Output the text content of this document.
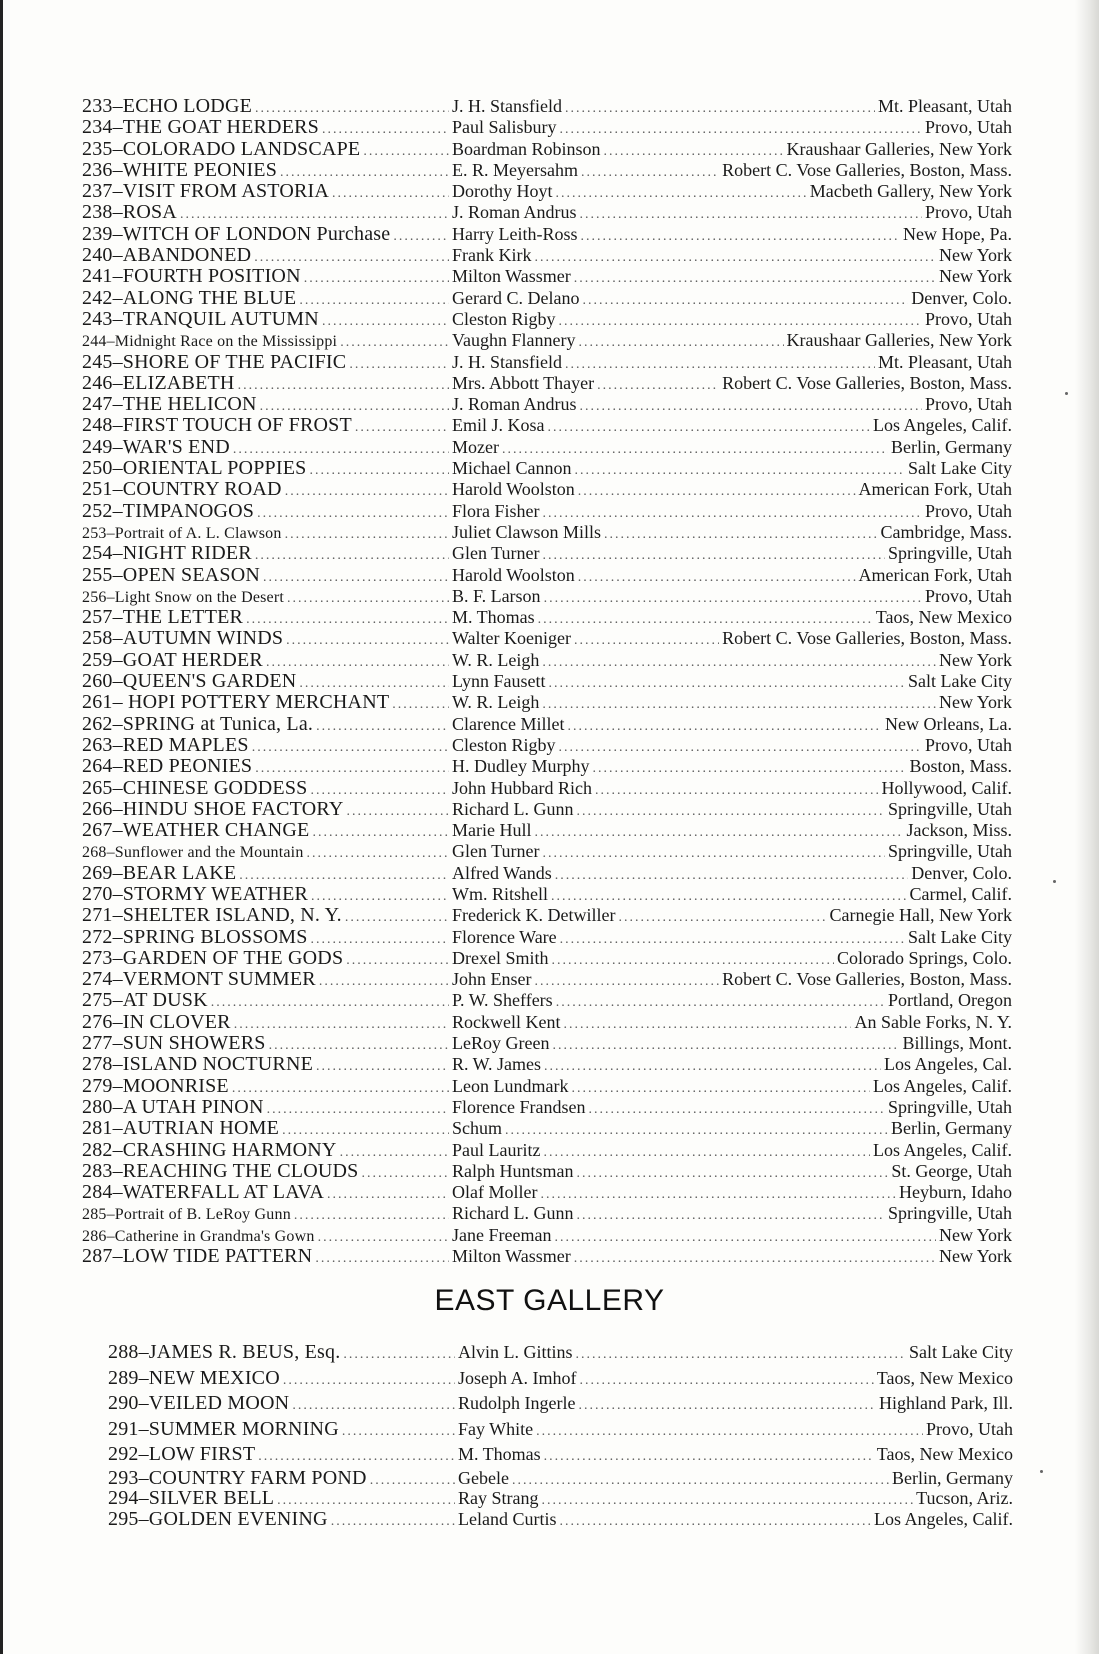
233–ECHO LODGE .....	J. H. Stansfield .....	Mt. Pleasant, Utah
234–THE GOAT HERDERS .....	Paul Salisbury .....	Provo, Utah
235–COLORADO LANDSCAPE .....	Boardman Robinson .....	Kraushaar Galleries, New York
236–WHITE PEONIES .....	E. R. Meyersahm .....	Robert C. Vose Galleries, Boston, Mass.
237–VISIT FROM ASTORIA .....	Dorothy Hoyt .....	Macbeth Gallery, New York
238–ROSA .....	J. Roman Andrus .....	Provo, Utah
239–WITCH OF LONDON Purchase .....	Harry Leith-Ross .....	New Hope, Pa.
240–ABANDONED .....	Frank Kirk .....	New York
241–FOURTH POSITION .....	Milton Wassmer .....	New York
242–ALONG THE BLUE .....	Gerard C. Delano .....	Denver, Colo.
243–TRANQUIL AUTUMN .....	Cleston Rigby .....	Provo, Utah
244–Midnight Race on the Mississippi .....	Vaughn Flannery .....	Kraushaar Galleries, New York
245–SHORE OF THE PACIFIC .....	J. H. Stansfield .....	Mt. Pleasant, Utah
246–ELIZABETH .....	Mrs. Abbott Thayer .....	Robert C. Vose Galleries, Boston, Mass.
247–THE HELICON .....	J. Roman Andrus .....	Provo, Utah
248–FIRST TOUCH OF FROST .....	Emil J. Kosa .....	Los Angeles, Calif.
249–WAR'S END .....	Mozer .....	Berlin, Germany
250–ORIENTAL POPPIES .....	Michael Cannon .....	Salt Lake City
251–COUNTRY ROAD .....	Harold Woolston .....	American Fork, Utah
252–TIMPANOGOS .....	Flora Fisher .....	Provo, Utah
253–Portrait of A. L. Clawson .....	Juliet Clawson Mills .....	Cambridge, Mass.
254–NIGHT RIDER .....	Glen Turner .....	Springville, Utah
255–OPEN SEASON .....	Harold Woolston .....	American Fork, Utah
256–Light Snow on the Desert .....	B. F. Larson .....	Provo, Utah
257–THE LETTER .....	M. Thomas .....	Taos, New Mexico
258–AUTUMN WINDS .....	Walter Koeniger .....	Robert C. Vose Galleries, Boston, Mass.
259–GOAT HERDER .....	W. R. Leigh .....	New York
260–QUEEN'S GARDEN .....	Lynn Fausett .....	Salt Lake City
261– HOPI POTTERY MERCHANT .....	W. R. Leigh .....	New York
262–SPRING at Tunica, La. .....	Clarence Millet .....	New Orleans, La.
263–RED MAPLES .....	Cleston Rigby .....	Provo, Utah
264–RED PEONIES .....	H. Dudley Murphy .....	Boston, Mass.
265–CHINESE GODDESS .....	John Hubbard Rich .....	Hollywood, Calif.
266–HINDU SHOE FACTORY .....	Richard L. Gunn .....	Springville, Utah
267–WEATHER CHANGE .....	Marie Hull .....	Jackson, Miss.
268–Sunflower and the Mountain .....	Glen Turner .....	Springville, Utah
269–BEAR LAKE .....	Alfred Wands .....	Denver, Colo.
270–STORMY WEATHER .....	Wm. Ritshell .....	Carmel, Calif.
271–SHELTER ISLAND, N. Y. .....	Frederick K. Detwiller .....	Carnegie Hall, New York
272–SPRING BLOSSOMS .....	Florence Ware .....	Salt Lake City
273–GARDEN OF THE GODS .....	Drexel Smith .....	Colorado Springs, Colo.
274–VERMONT SUMMER .....	John Enser .....	Robert C. Vose Galleries, Boston, Mass.
275–AT DUSK .....	P. W. Sheffers .....	Portland, Oregon
276–IN CLOVER .....	Rockwell Kent .....	An Sable Forks, N. Y.
277–SUN SHOWERS .....	LeRoy Green .....	Billings, Mont.
278–ISLAND NOCTURNE .....	R. W. James .....	Los Angeles, Cal.
279–MOONRISE .....	Leon Lundmark .....	Los Angeles, Calif.
280–A UTAH PINON .....	Florence Frandsen .....	Springville, Utah
281–AUTRIAN HOME .....	Schum .....	Berlin, Germany
282–CRASHING HARMONY .....	Paul Lauritz .....	Los Angeles, Calif.
283–REACHING THE CLOUDS .....	Ralph Huntsman .....	St. George, Utah
284–WATERFALL AT LAVA .....	Olaf Moller .....	Heyburn, Idaho
285–Portrait of B. LeRoy Gunn .....	Richard L. Gunn .....	Springville, Utah
286–Catherine in Grandma's Gown .....	Jane Freeman .....	New York
287–LOW TIDE PATTERN .....	Milton Wassmer .....	New York
EAST GALLERY
288–JAMES R. BEUS, Esq. .....	Alvin L. Gittins .....	Salt Lake City
289–NEW MEXICO .....	Joseph A. Imhof .....	Taos, New Mexico
290–VEILED MOON .....	Rudolph Ingerle .....	Highland Park, Ill.
291–SUMMER MORNING .....	Fay White .....	Provo, Utah
292–LOW FIRST .....	M. Thomas .....	Taos, New Mexico
293–COUNTRY FARM POND .....	Gebele .....	Berlin, Germany
294–SILVER BELL .....	Ray Strang .....	Tucson, Ariz.
295–GOLDEN EVENING .....	Leland Curtis .....	Los Angeles, Calif.
